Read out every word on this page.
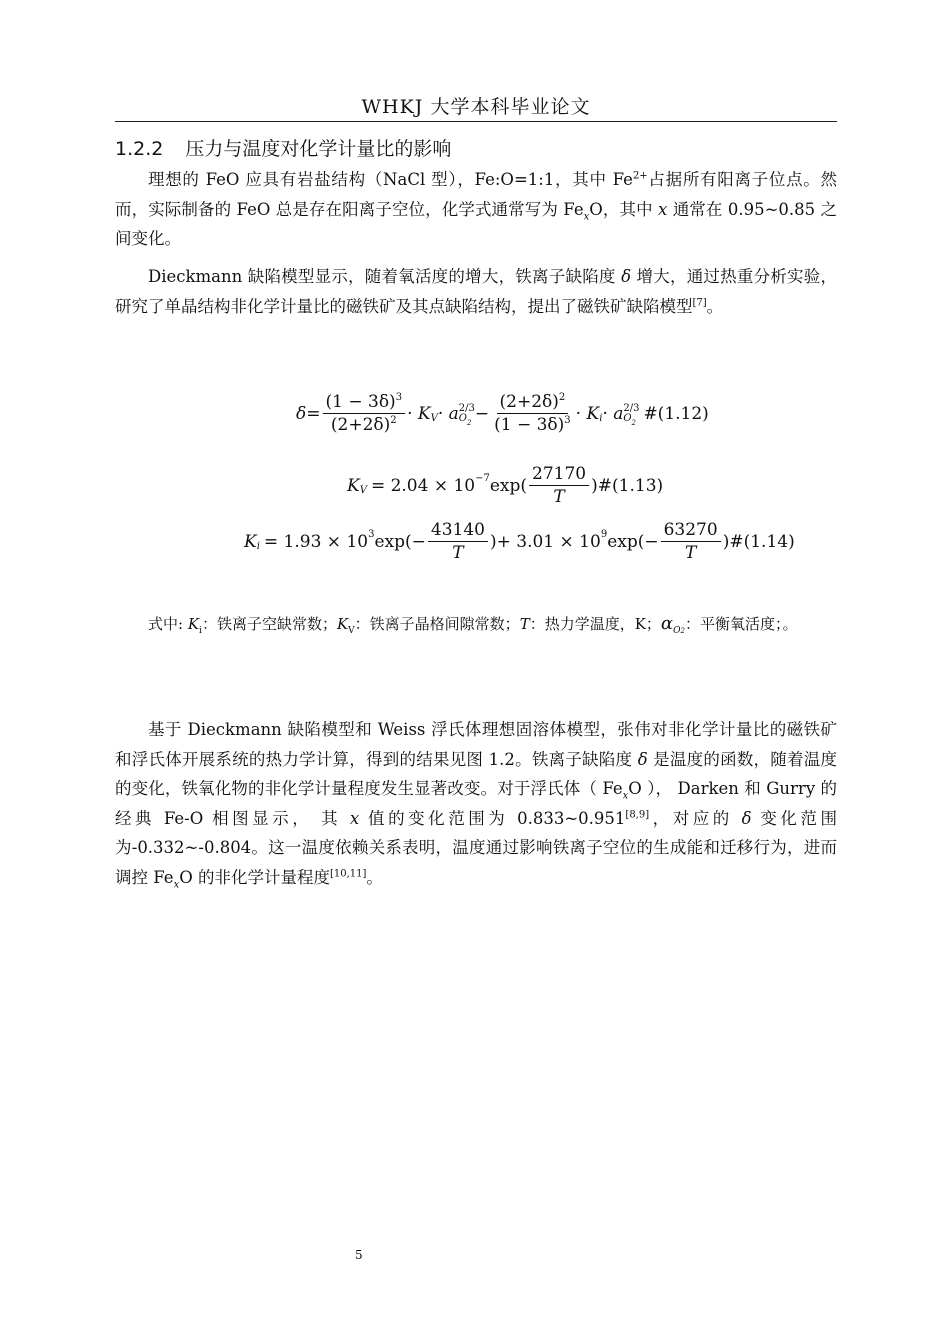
WHKJ 大学本科毕业论文
1.2.2 压力与温度对化学计量比的影响

理想的 FeO 应具有岩盐结构（NaCl 型），Fe:O=1:1，其中 $Fe^{2+}$占据所有阳离子位点。然而，实际制备的 FeO 总是存在阳离子空位，化学式通常写为 $Fe_xO$，其中 x 通常在 0.95~0.85 之间变化。

Dieckmann 缺陷模型显示，随着氧活度的增大，铁离子缺陷度 δ 增大，通过热重分析实验，研究了单晶结构非化学计量比的磁铁矿及其点缺陷结构，提出了磁铁矿缺陷模型[7]。

$\delta = \frac{(1 - 3\delta)^3}{(2+2\delta)^2} \cdot K$ V · a 2/3
$O_2 - \frac{(2+2\delta)^2}{(1 - 3\delta)^3} \cdot K$ i · a 2/3
$O_2$ #(1.12)
K V = 2.04 × 10 −7 $\exp( \frac{27170}{T}$ ) #(1.13)
K i = 1.93 × 10 3 $\exp(- \frac{43140}{T}$ )+ 3.01 × 10 9 $\exp(- \frac{63270}{T}$ ) #(1.14)

式中: $K_i$：铁离子空缺常数；$K_V$：铁离子晶格间隙常数；T：热力学温度，K；$\alpha_{O2}$：平衡氧活度；。

基于 Dieckmann 缺陷模型和 Weiss 浮氏体理想固溶体模型，张伟对非化学计量比的磁铁矿和浮氏体开展系统的热力学计算，得到的结果见图 1.2。铁离子缺陷度 δ 是温度的函数，随着温度的变化，铁氧化物的非化学计量程度发生显著改变。对于浮氏体（ $Fe_xO$ ）， Darken 和 Gurry 的经典 Fe-O 相图显示， 其 x 值的变化范围为 0.833~0.951[8,9]，对应的 δ 变化范围为-0.332~-0.804。这一温度依赖关系表明，温度通过影响铁离子空位的生成能和迁移行为，进而调控 $Fe_xO$ 的非化学计量程度[10,11]。

5
